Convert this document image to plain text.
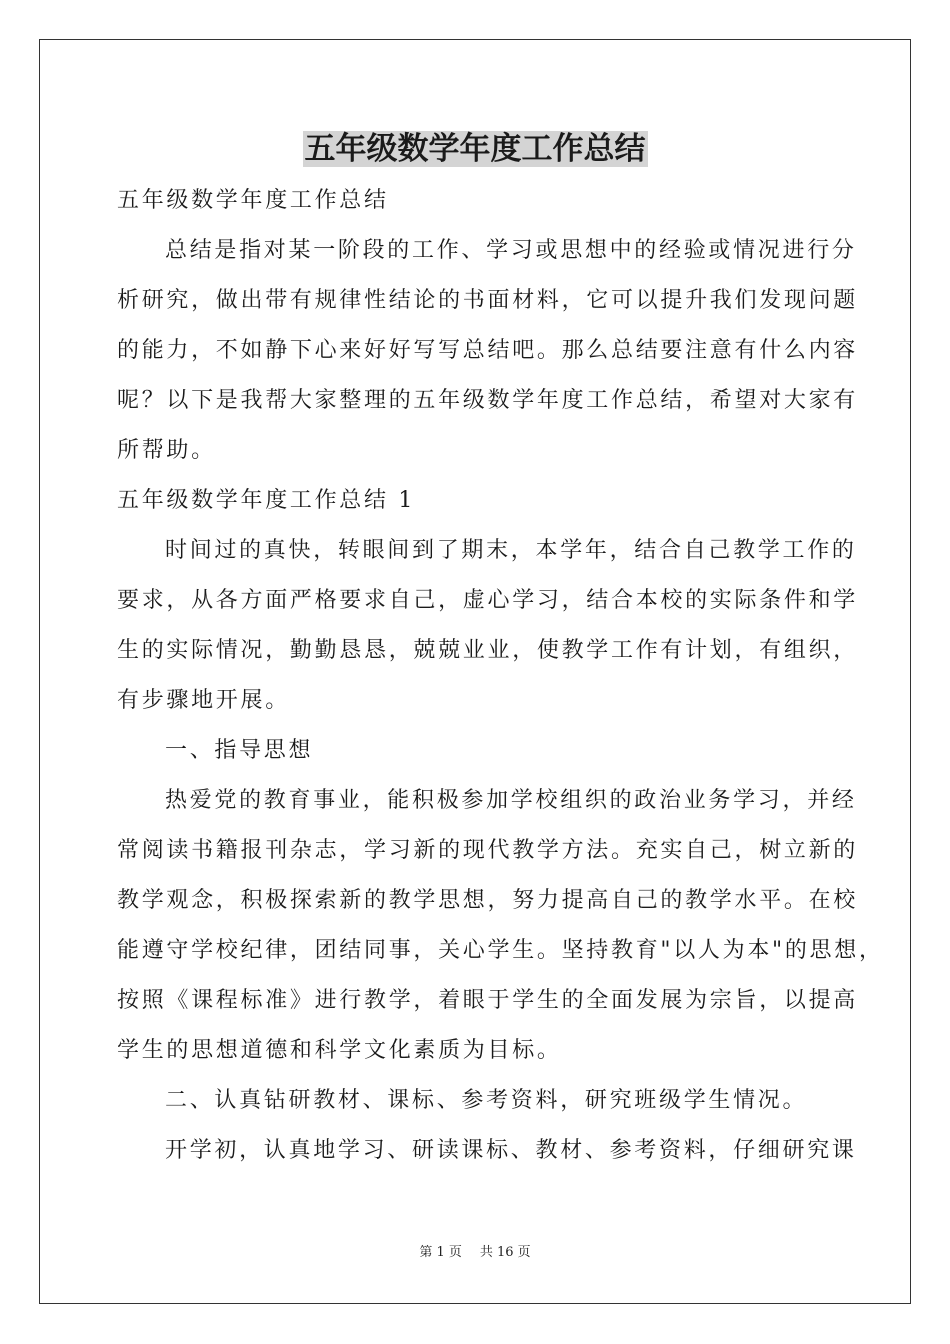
五年级数学年度工作总结

五年级数学年度工作总结

总结是指对某一阶段的工作、学习或思想中的经验或情况进行分

析研究，做出带有规律性结论的书面材料，它可以提升我们发现问题

的能力，不如静下心来好好写写总结吧。那么总结要注意有什么内容

呢？以下是我帮大家整理的五年级数学年度工作总结，希望对大家有

所帮助。

五年级数学年度工作总结 1

时间过的真快，转眼间到了期末，本学年，结合自己教学工作的

要求，从各方面严格要求自己，虚心学习，结合本校的实际条件和学

生的实际情况，勤勤恳恳，兢兢业业，使教学工作有计划，有组织，

有步骤地开展。

一、指导思想

热爱党的教育事业，能积极参加学校组织的政治业务学习，并经

常阅读书籍报刊杂志，学习新的现代教学方法。充实自己，树立新的

教学观念，积极探索新的教学思想，努力提高自己的教学水平。在校

能遵守学校纪律，团结同事，关心学生。坚持教育"以人为本"的思想，

按照《课程标准》进行教学，着眼于学生的全面发展为宗旨，以提高

学生的思想道德和科学文化素质为目标。

二、认真钻研教材、课标、参考资料，研究班级学生情况。

开学初，认真地学习、研读课标、教材、参考资料，仔细研究课

第 1 页 共 16 页
